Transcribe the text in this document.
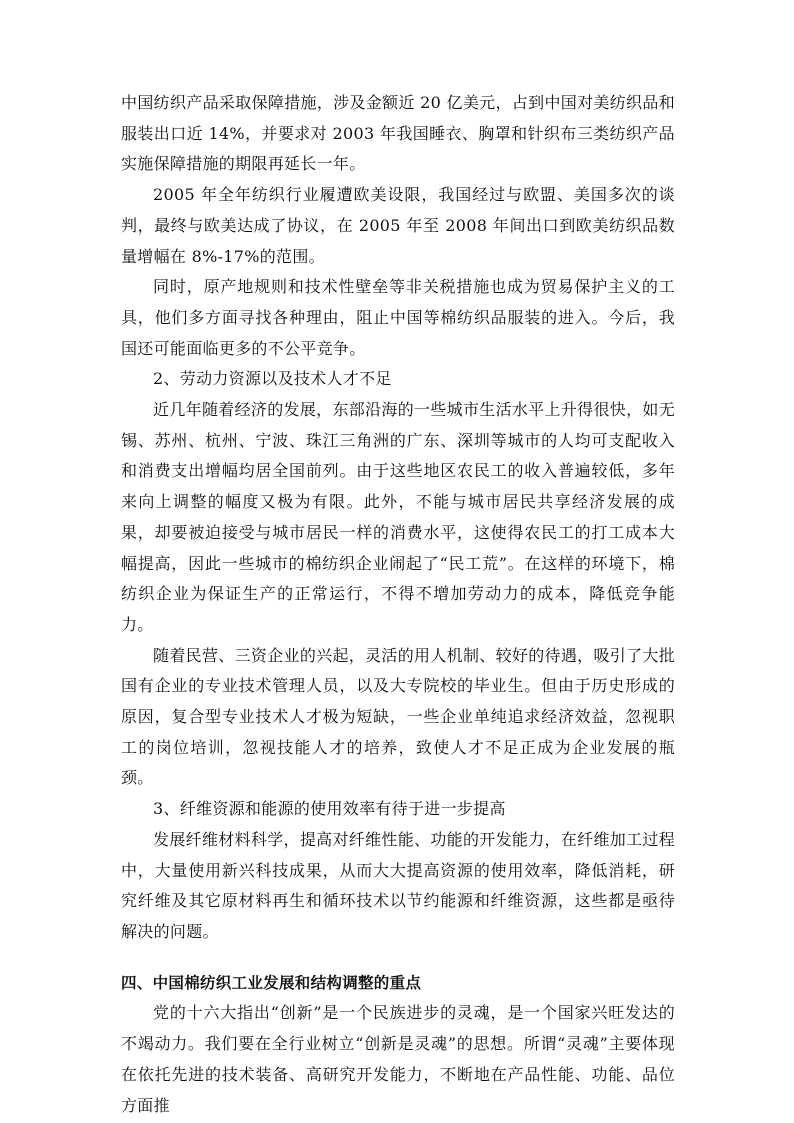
中国纺织产品采取保障措施，涉及金额近 20 亿美元，占到中国对美纺织品和服装出口近 14%，并要求对 2003 年我国睡衣、胸罩和针织布三类纺织产品实施保障措施的期限再延长一年。

2005 年全年纺织行业履遭欧美设限，我国经过与欧盟、美国多次的谈判，最终与欧美达成了协议，在 2005 年至 2008 年间出口到欧美纺织品数量增幅在 8%-17%的范围。

同时，原产地规则和技术性壁垒等非关税措施也成为贸易保护主义的工具，他们多方面寻找各种理由，阻止中国等棉纺织品服装的进入。今后，我国还可能面临更多的不公平竞争。

2、劳动力资源以及技术人才不足

近几年随着经济的发展，东部沿海的一些城市生活水平上升得很快，如无锡、苏州、杭州、宁波、珠江三角洲的广东、深圳等城市的人均可支配收入和消费支出增幅均居全国前列。由于这些地区农民工的收入普遍较低，多年来向上调整的幅度又极为有限。此外，不能与城市居民共享经济发展的成果，却要被迫接受与城市居民一样的消费水平，这使得农民工的打工成本大幅提高，因此一些城市的棉纺织企业闹起了“民工荒”。在这样的环境下，棉纺织企业为保证生产的正常运行，不得不增加劳动力的成本，降低竞争能力。

随着民营、三资企业的兴起，灵活的用人机制、较好的待遇，吸引了大批国有企业的专业技术管理人员，以及大专院校的毕业生。但由于历史形成的原因，复合型专业技术人才极为短缺，一些企业单纯追求经济效益，忽视职工的岗位培训，忽视技能人才的培养，致使人才不足正成为企业发展的瓶颈。

3、纤维资源和能源的使用效率有待于进一步提高

发展纤维材料科学，提高对纤维性能、功能的开发能力，在纤维加工过程中，大量使用新兴科技成果，从而大大提高资源的使用效率，降低消耗，研究纤维及其它原材料再生和循环技术以节约能源和纤维资源，这些都是亟待解决的问题。

四、中国棉纺织工业发展和结构调整的重点

党的十六大指出“创新”是一个民族进步的灵魂，是一个国家兴旺发达的不竭动力。我们要在全行业树立“创新是灵魂”的思想。所谓“灵魂”主要体现在依托先进的技术装备、高研究开发能力，不断地在产品性能、功能、品位方面推
